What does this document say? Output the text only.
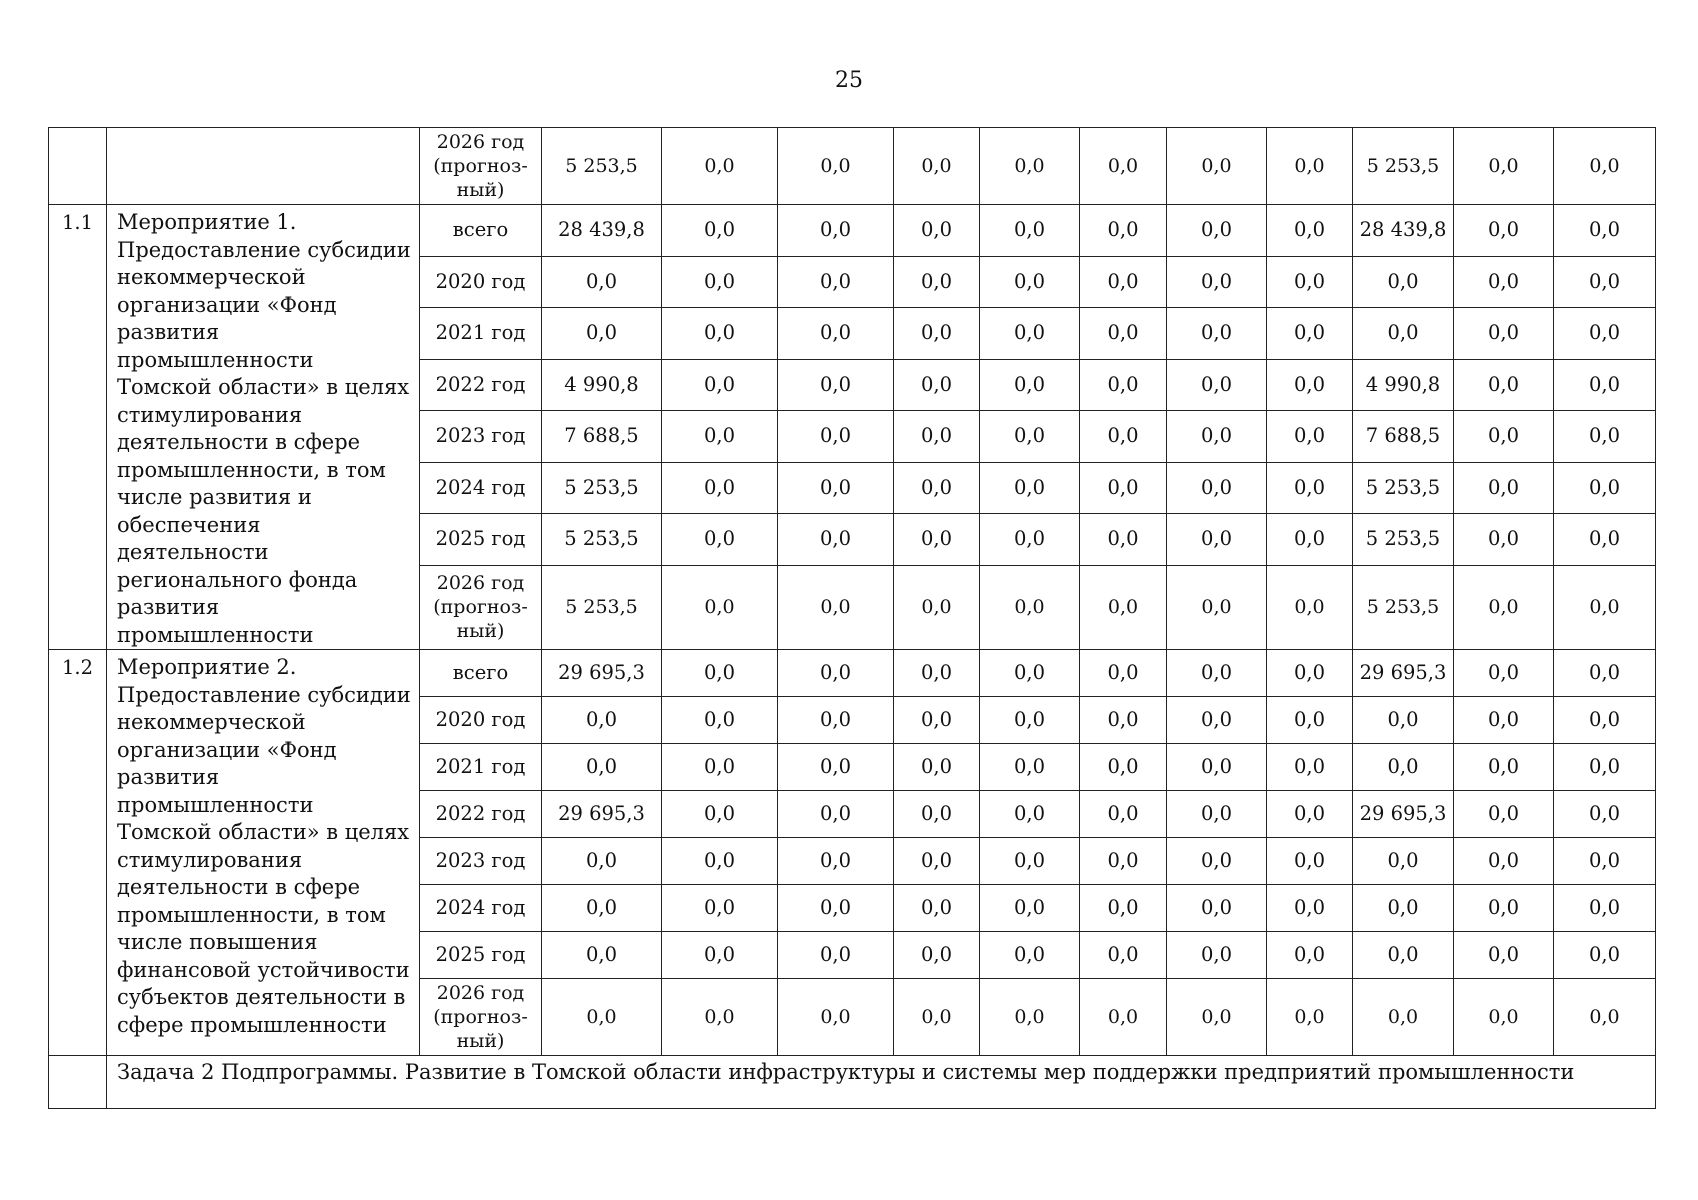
25
		2026 год (прогноз-ный)	5 253,5	0,0	0,0	0,0	0,0	0,0	0,0	0,0	5 253,5	0,0	0,0
1.1	Мероприятие 1. Предоставление субсидии некоммерческой организации «Фонд развития промышленности Томской области» в целях стимулирования деятельности в сфере промышленности, в том числе развития и обеспечения деятельности регионального фонда развития промышленности	всего	28 439,8	0,0	0,0	0,0	0,0	0,0	0,0	0,0	28 439,8	0,0	0,0
		2020 год	0,0	0,0	0,0	0,0	0,0	0,0	0,0	0,0	0,0	0,0	0,0
		2021 год	0,0	0,0	0,0	0,0	0,0	0,0	0,0	0,0	0,0	0,0	0,0
		2022 год	4 990,8	0,0	0,0	0,0	0,0	0,0	0,0	0,0	4 990,8	0,0	0,0
		2023 год	7 688,5	0,0	0,0	0,0	0,0	0,0	0,0	0,0	7 688,5	0,0	0,0
		2024 год	5 253,5	0,0	0,0	0,0	0,0	0,0	0,0	0,0	5 253,5	0,0	0,0
		2025 год	5 253,5	0,0	0,0	0,0	0,0	0,0	0,0	0,0	5 253,5	0,0	0,0
		2026 год (прогноз-ный)	5 253,5	0,0	0,0	0,0	0,0	0,0	0,0	0,0	5 253,5	0,0	0,0
1.2	Мероприятие 2. Предоставление субсидии некоммерческой организации «Фонд развития промышленности Томской области» в целях стимулирования деятельности в сфере промышленности, в том числе повышения финансовой устойчивости субъектов деятельности в сфере промышленности	всего	29 695,3	0,0	0,0	0,0	0,0	0,0	0,0	0,0	29 695,3	0,0	0,0
		2020 год	0,0	0,0	0,0	0,0	0,0	0,0	0,0	0,0	0,0	0,0	0,0
		2021 год	0,0	0,0	0,0	0,0	0,0	0,0	0,0	0,0	0,0	0,0	0,0
		2022 год	29 695,3	0,0	0,0	0,0	0,0	0,0	0,0	0,0	29 695,3	0,0	0,0
		2023 год	0,0	0,0	0,0	0,0	0,0	0,0	0,0	0,0	0,0	0,0	0,0
		2024 год	0,0	0,0	0,0	0,0	0,0	0,0	0,0	0,0	0,0	0,0	0,0
		2025 год	0,0	0,0	0,0	0,0	0,0	0,0	0,0	0,0	0,0	0,0	0,0
		2026 год (прогноз-ный)	0,0	0,0	0,0	0,0	0,0	0,0	0,0	0,0	0,0	0,0	0,0
	Задача 2 Подпрограммы. Развитие в Томской области инфраструктуры и системы мер поддержки предприятий промышленности												
